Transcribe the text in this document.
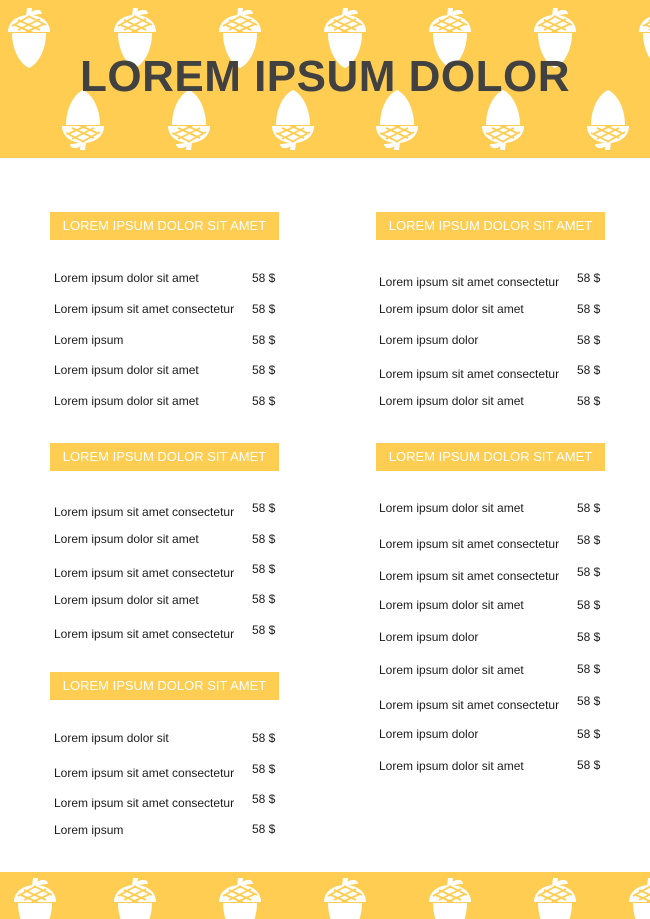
LOREM IPSUM DOLOR
LOREM IPSUM DOLOR SIT AMET
Lorem ipsum dolor sit amet	58 $
Lorem ipsum sit amet consectetur 58 $
Lorem ipsum	58 $
Lorem ipsum dolor sit amet	58 $
Lorem ipsum dolor sit amet	58 $
LOREM IPSUM DOLOR SIT AMET
Lorem ipsum sit amet consectetur 58 $
Lorem ipsum dolor sit amet	58 $
Lorem ipsum sit amet consectetur 58 $
Lorem ipsum dolor sit amet	58 $
Lorem ipsum sit amet consectetur 58 $
LOREM IPSUM DOLOR SIT AMET
Lorem ipsum dolor sit	58 $
Lorem ipsum sit amet consectetur 58 $
Lorem ipsum sit amet consectetur 58 $
Lorem ipsum	58 $
LOREM IPSUM DOLOR SIT AMET
Lorem ipsum sit amet consectetur 58 $
Lorem ipsum dolor sit amet	58 $
Lorem ipsum dolor	58 $
Lorem ipsum sit amet consectetur 58 $
Lorem ipsum dolor sit amet	58 $
LOREM IPSUM DOLOR SIT AMET
Lorem ipsum dolor sit amet	58 $
Lorem ipsum sit amet consectetur 58 $
Lorem ipsum sit amet consectetur 58 $
Lorem ipsum dolor sit amet	58 $
Lorem ipsum dolor	58 $
Lorem ipsum dolor sit amet	58 $
Lorem ipsum sit amet consectetur 58 $
Lorem ipsum dolor	58 $
Lorem ipsum dolor sit amet	58 $
